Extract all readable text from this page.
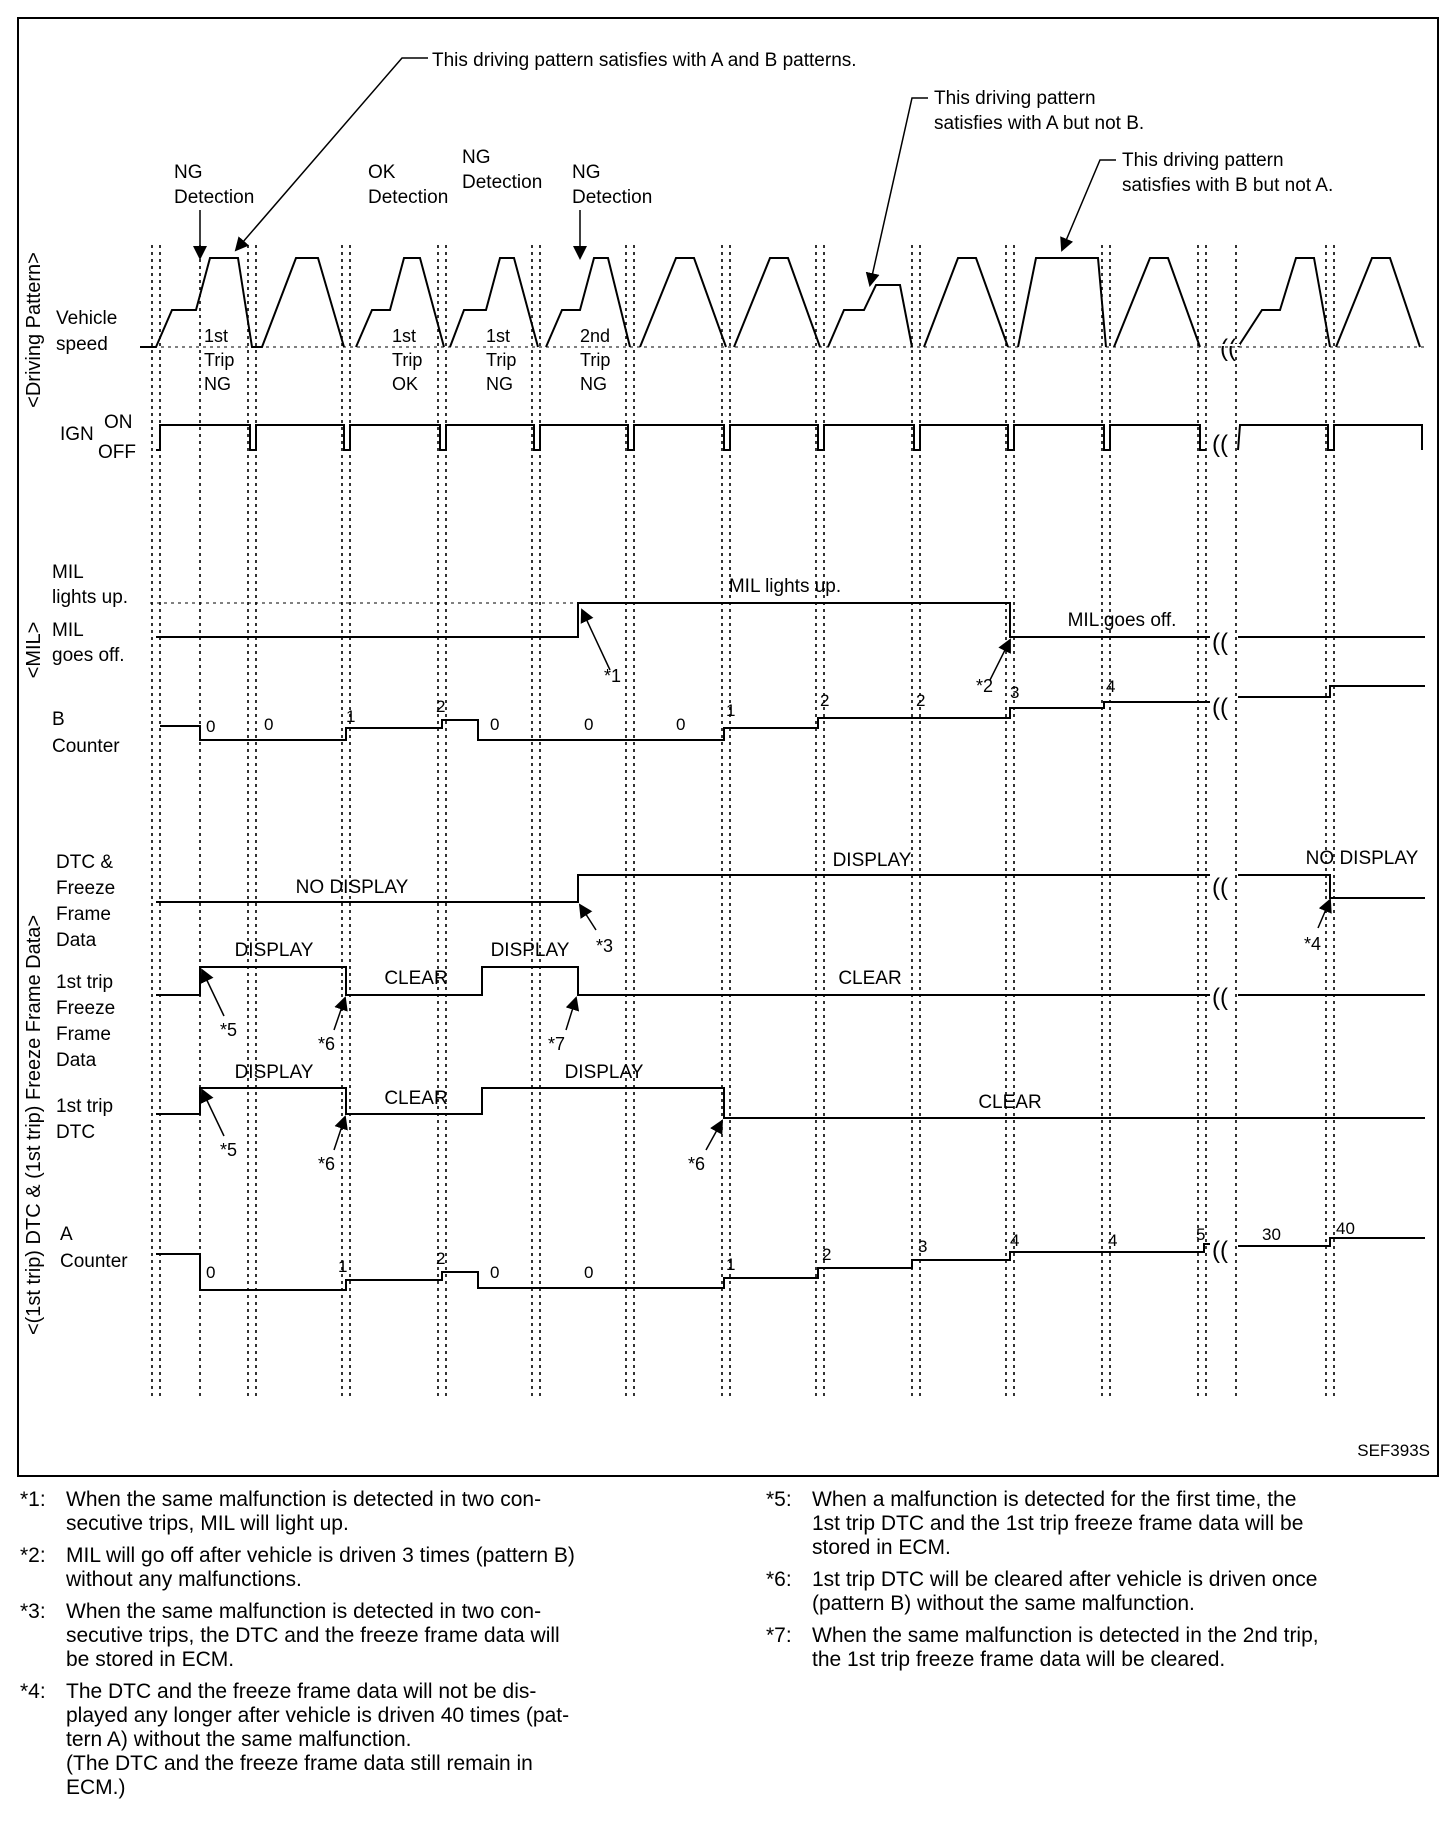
<Driving Pattern>
<MIL>
<(1st trip) DTC & (1st trip) Freeze Frame Data>
This driving pattern satisfies with A and B patterns.
This driving pattern
satisfies with A but not B.
This driving pattern
satisfies with B but not A.
NG
Detection
OK
Detection
NG
Detection NG
Detection
Vehicle
speed	((
1st
Trip
NG
1st
Trip
OK
1st
Trip
NG
2nd
Trip
NG
IGN
ON
OFF	((
MIL
lights up.
MIL
goes off.
MIL lights up.
MIL goes off.
((
*1	*2
B
Counter
((
0	0	1
2
0	0	0
1
2	2	3	4
DTC &
Freeze
Frame
Data
NO DISPLAY
DISPLAY	NO DISPLAY
((
*3	*4
1st trip
Freeze
Frame
Data
DISPLAY
CLEAR
DISPLAY
CLEAR
((
*5
*6	*7
1st trip
DTC
DISPLAY
CLEAR
DISPLAY
CLEAR
*5
*6	*6
A
Counter	((
0	1	2
0	0	1
2	3	4	4	5	30	40
SEF393S
*1: When the same malfunction is detected in two con-
secutive trips, MIL will light up.
*2: MIL will go off after vehicle is driven 3 times (pattern B)
without any malfunctions.
*3: When the same malfunction is detected in two con-
secutive trips, the DTC and the freeze frame data will
be stored in ECM.
*4: The DTC and the freeze frame data will not be dis-
played any longer after vehicle is driven 40 times (pat-
tern A) without the same malfunction.
(The DTC and the freeze frame data still remain in
ECM.)
*5: When a malfunction is detected for the first time, the
1st trip DTC and the 1st trip freeze frame data will be
stored in ECM.
*6: 1st trip DTC will be cleared after vehicle is driven once
(pattern B) without the same malfunction.
*7: When the same malfunction is detected in the 2nd trip,
the 1st trip freeze frame data will be cleared.
